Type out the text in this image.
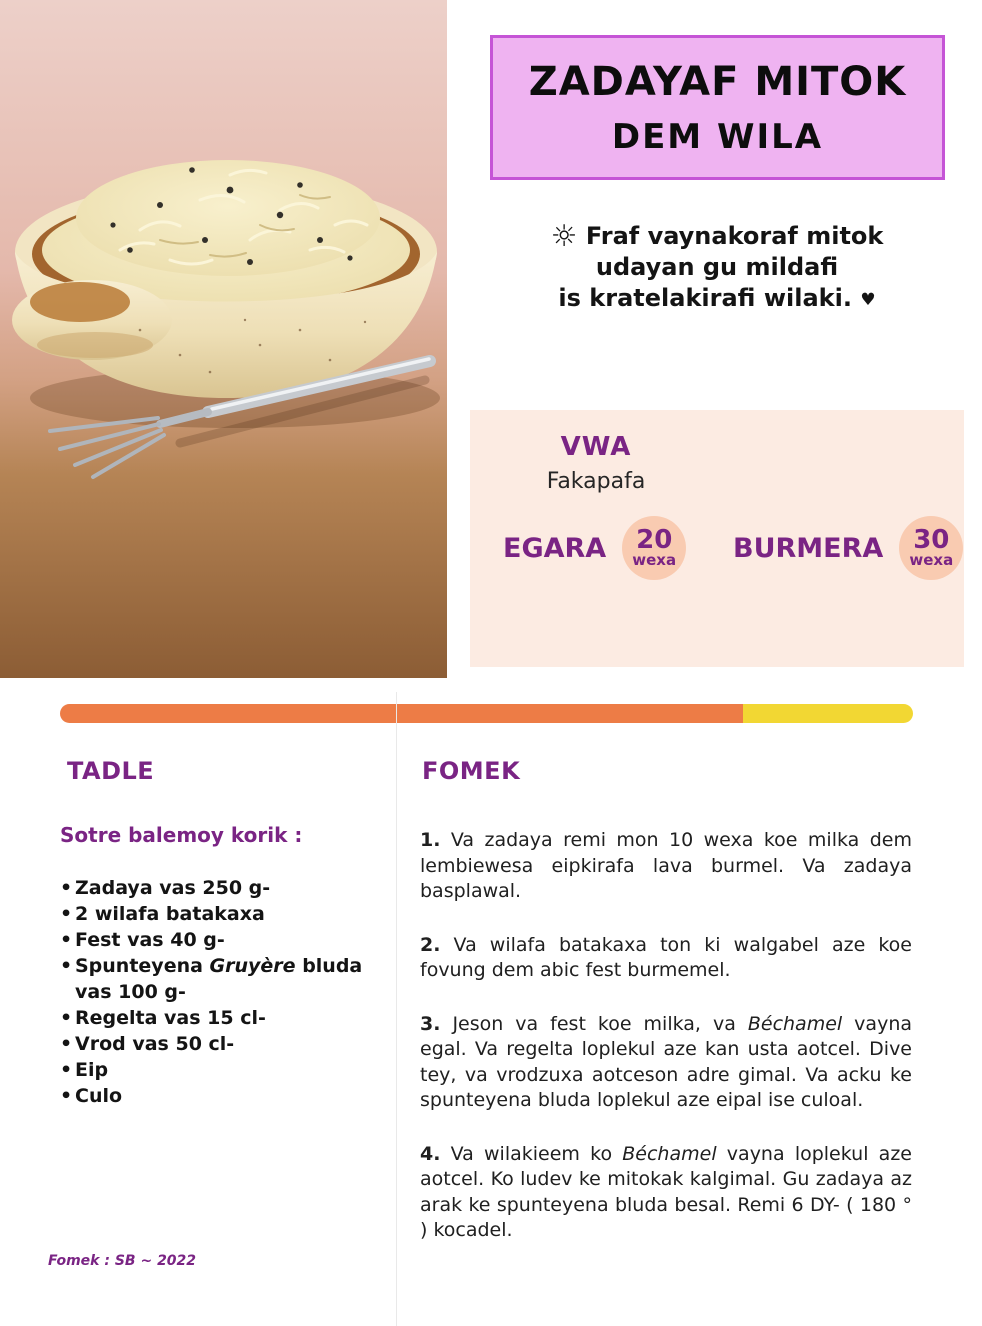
ZADAYAF MITOK
DEM WILA
☼ Fraf vaynakoraf mitok
udayan gu mildafi
is kratelakirafi wilaki. ♥
VWA
Fakapafa
EGARA 20
wexa BURMERA 30
wexa
TADLE
Sotre balemoy korik :
• Zadaya vas 250 g-
• 2 wilafa batakaxa
• Fest vas 40 g-
• Spunteyena Gruyère bluda vas 100 g-
• Regelta vas 15 cl-
• Vrod vas 50 cl-
• Eip
• Culo
FOMEK

1. Va zadaya remi mon 10 wexa koe milka dem lembiewesa eipkirafa lava burmel. Va zadaya basplawal.

2. Va wilafa batakaxa ton ki walgabel aze koe fovung dem abic fest burmemel.

3. Jeson va fest koe milka, va Béchamel vayna egal. Va regelta loplekul aze kan usta aotcel. Dive tey, va vrodzuxa aotceson adre gimal. Va acku ke spunteyena bluda loplekul aze eipal ise culoal.

4. Va wilakieem ko Béchamel vayna loplekul aze aotcel. Ko ludev ke mitokak kalgimal. Gu zadaya az arak ke spunteyena bluda besal. Remi 6 DY- ( 180 ° ) kocadel.

Fomek : SB ~ 2022
